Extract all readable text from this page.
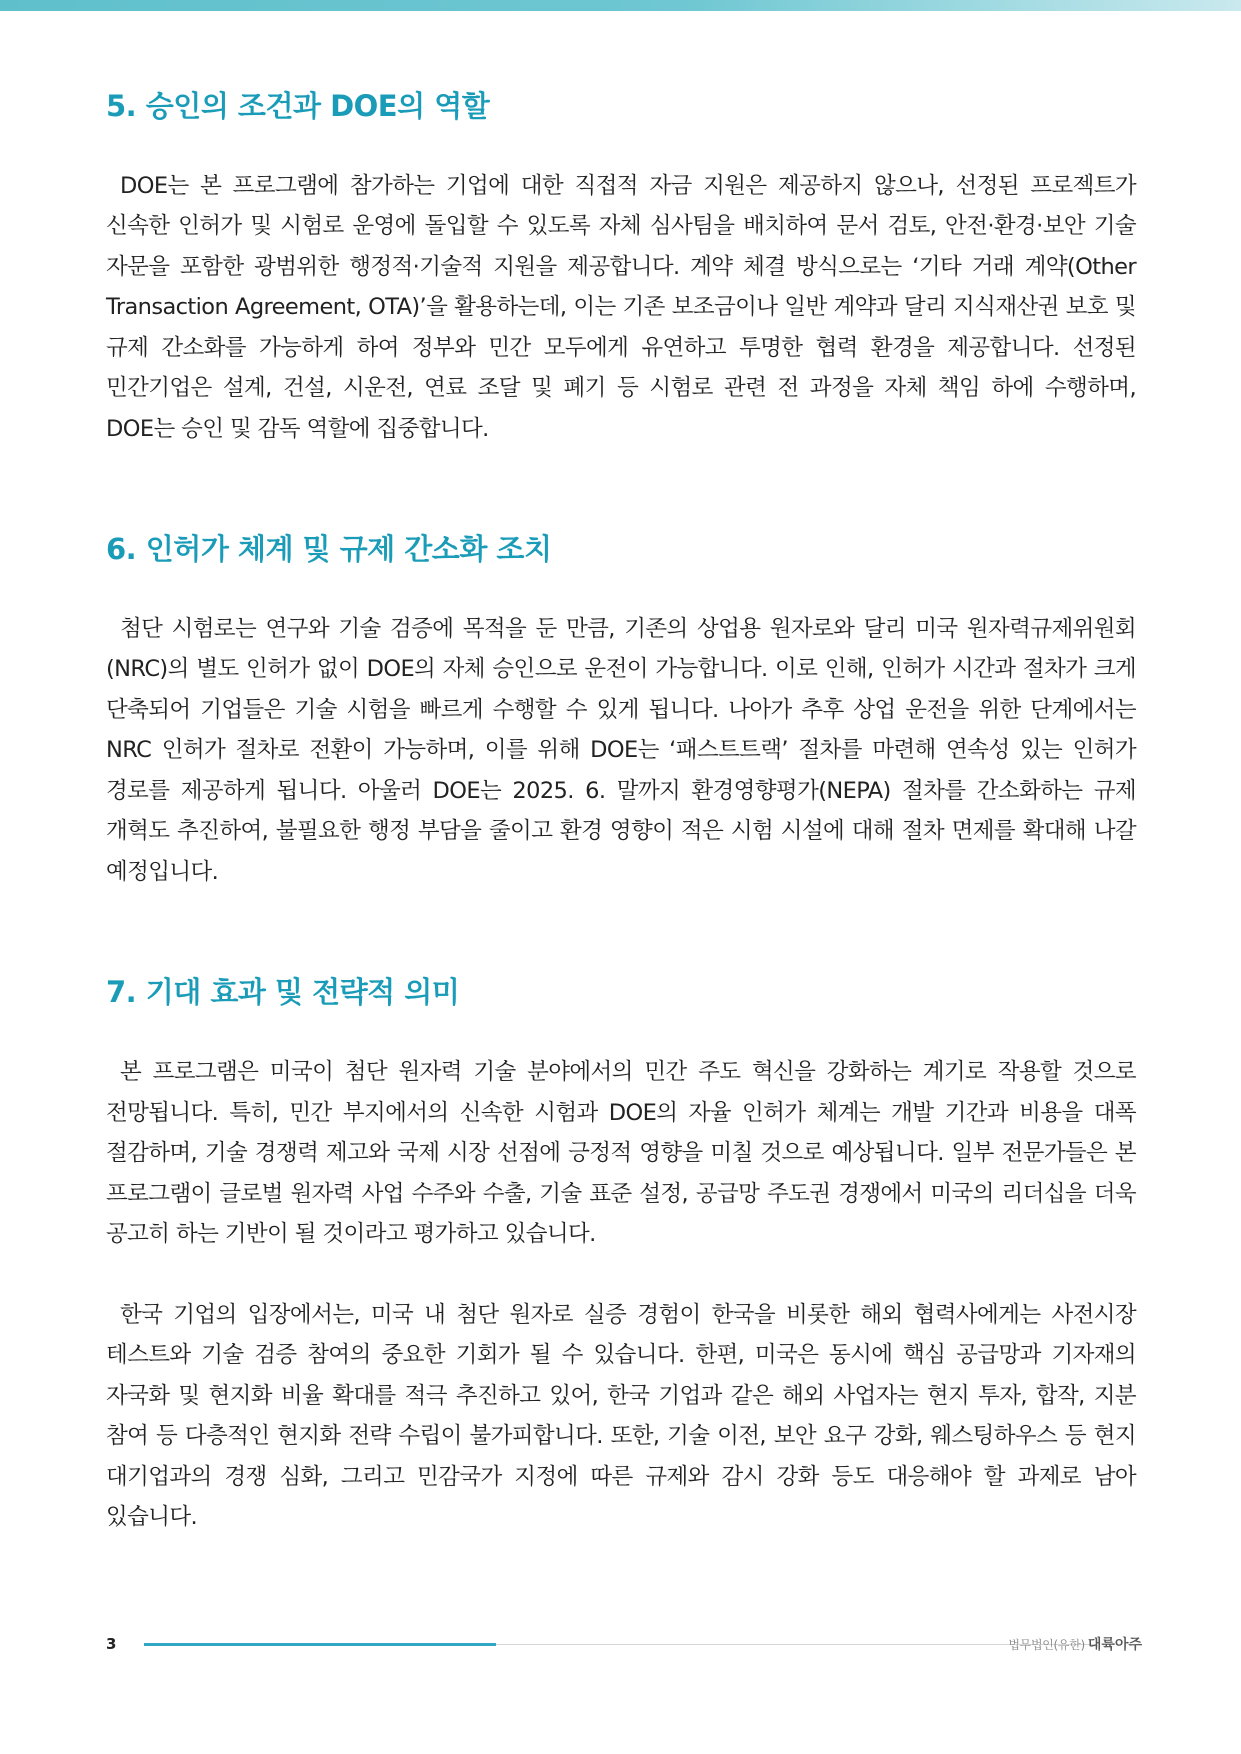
5. 승인의 조건과 DOE의 역할

DOE는 본 프로그램에 참가하는 기업에 대한 직접적 자금 지원은 제공하지 않으나, 선정된 프로젝트가 신속한 인허가 및 시험로 운영에 돌입할 수 있도록 자체 심사팀을 배치하여 문서 검토, 안전·환경·보안 기술 자문을 포함한 광범위한 행정적·기술적 지원을 제공합니다. 계약 체결 방식으로는 ‘기타 거래 계약(Other Transaction Agreement, OTA)’을 활용하는데, 이는 기존 보조금이나 일반 계약과 달리 지식재산권 보호 및 규제 간소화를 가능하게 하여 정부와 민간 모두에게 유연하고 투명한 협력 환경을 제공합니다. 선정된 민간기업은 설계, 건설, 시운전, 연료 조달 및 폐기 등 시험로 관련 전 과정을 자체 책임 하에 수행하며, DOE는 승인 및 감독 역할에 집중합니다.

6. 인허가 체계 및 규제 간소화 조치

첨단 시험로는 연구와 기술 검증에 목적을 둔 만큼, 기존의 상업용 원자로와 달리 미국 원자력규제위원회(NRC)의 별도 인허가 없이 DOE의 자체 승인으로 운전이 가능합니다. 이로 인해, 인허가 시간과 절차가 크게 단축되어 기업들은 기술 시험을 빠르게 수행할 수 있게 됩니다. 나아가 추후 상업 운전을 위한 단계에서는 NRC 인허가 절차로 전환이 가능하며, 이를 위해 DOE는 ‘패스트트랙’ 절차를 마련해 연속성 있는 인허가 경로를 제공하게 됩니다. 아울러 DOE는 2025. 6. 말까지 환경영향평가(NEPA) 절차를 간소화하는 규제 개혁도 추진하여, 불필요한 행정 부담을 줄이고 환경 영향이 적은 시험 시설에 대해 절차 면제를 확대해 나갈 예정입니다.

7. 기대 효과 및 전략적 의미

본 프로그램은 미국이 첨단 원자력 기술 분야에서의 민간 주도 혁신을 강화하는 계기로 작용할 것으로 전망됩니다. 특히, 민간 부지에서의 신속한 시험과 DOE의 자율 인허가 체계는 개발 기간과 비용을 대폭 절감하며, 기술 경쟁력 제고와 국제 시장 선점에 긍정적 영향을 미칠 것으로 예상됩니다. 일부 전문가들은 본 프로그램이 글로벌 원자력 사업 수주와 수출, 기술 표준 설정, 공급망 주도권 경쟁에서 미국의 리더십을 더욱 공고히 하는 기반이 될 것이라고 평가하고 있습니다.

한국 기업의 입장에서는, 미국 내 첨단 원자로 실증 경험이 한국을 비롯한 해외 협력사에게는 사전시장 테스트와 기술 검증 참여의 중요한 기회가 될 수 있습니다. 한편, 미국은 동시에 핵심 공급망과 기자재의 자국화 및 현지화 비율 확대를 적극 추진하고 있어, 한국 기업과 같은 해외 사업자는 현지 투자, 합작, 지분 참여 등 다층적인 현지화 전략 수립이 불가피합니다. 또한, 기술 이전, 보안 요구 강화, 웨스팅하우스 등 현지 대기업과의 경쟁 심화, 그리고 민감국가 지정에 따른 규제와 감시 강화 등도 대응해야 할 과제로 남아 있습니다.

3	법무법인(유한) 대륙아주
